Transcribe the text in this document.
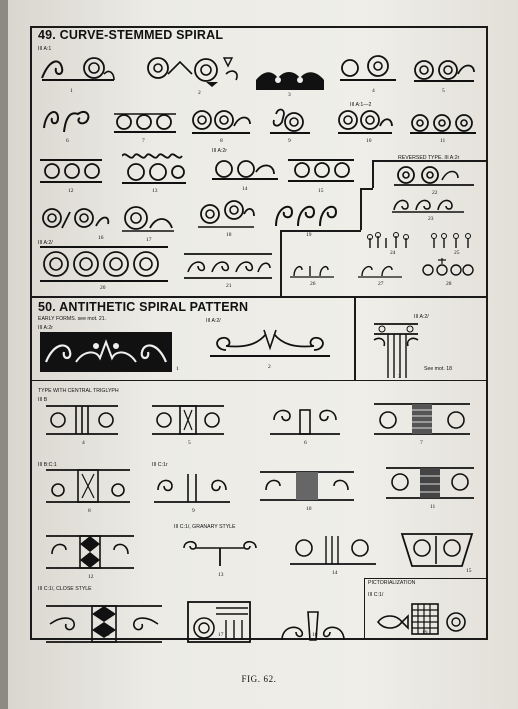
49. CURVE-STEMMED SPIRAL
III A:1
III A:1—2
III A:2r
REVERSED TYPE. III A:2r
III A:2/
50. ANTITHETIC SPIRAL PATTERN
EARLY FORMS. see mot. 21.
III A:2r
III A:2/
III A:2/
See mot. 18
TYPE WITH CENTRAL TRIGLYPH
III B
III B:C:1	III C:1r
III C:1/, GRANARY STYLE
III C:1/, CLOSE STYLE
PICTORIALIZATION
III C:1/
1	2	3
4	5
6	7	8	9	10	11
12	13	14	15
16	17
18	19
20	21
22
23
24	25
26	27	28
1	2
3
4	5	6	7
8	9	10	11
12	13	14	15
16	17	18	19
FIG. 62.
